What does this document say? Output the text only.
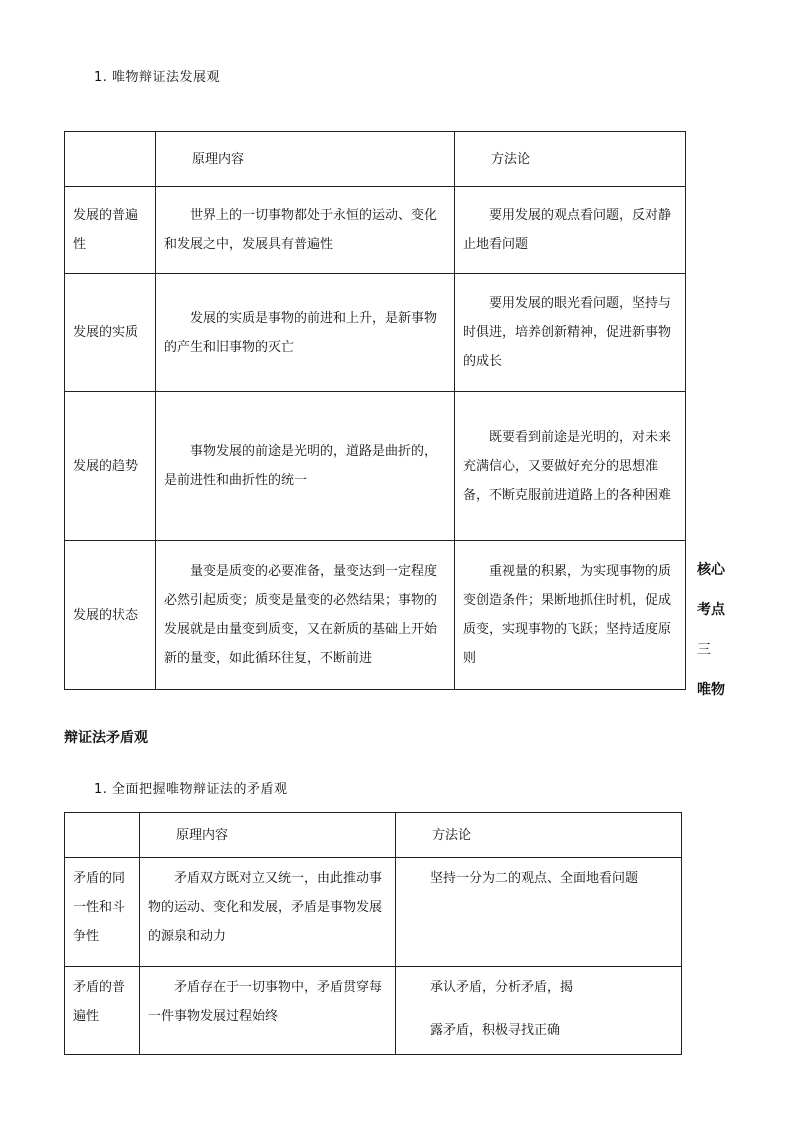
1. 唯物辩证法发展观
	原理内容	方法论
发展的普遍性	世界上的一切事物都处于永恒的运动、变化和发展之中，发展具有普遍性	要用发展的观点看问题，反对静止地看问题
发展的实质	发展的实质是事物的前进和上升，是新事物的产生和旧事物的灭亡	要用发展的眼光看问题，坚持与时俱进，培养创新精神，促进新事物的成长
发展的趋势	事物发展的前途是光明的，道路是曲折的，是前进性和曲折性的统一	既要看到前途是光明的，对未来充满信心，又要做好充分的思想准备，不断克服前进道路上的各种困难
发展的状态	量变是质变的必要准备，量变达到一定程度必然引起质变；质变是量变的必然结果；事物的发展就是由量变到质变，又在新质的基础上开始新的量变，如此循环往复，不断前进	重视量的积累，为实现事物的质变创造条件；果断地抓住时机，促成质变，实现事物的飞跃；坚持适度原则
核心
考点
三
唯物
辩证法矛盾观
1. 全面把握唯物辩证法的矛盾观
	原理内容	方法论
矛盾的同一性和斗争性	矛盾双方既对立又统一，由此推动事物的运动、变化和发展，矛盾是事物发展的源泉和动力	坚持一分为二的观点、全面地看问题
矛盾的普遍性	矛盾存在于一切事物中，矛盾贯穿每一件事物发展过程始终	承认矛盾，分析矛盾，揭
露矛盾，积极寻找正确
